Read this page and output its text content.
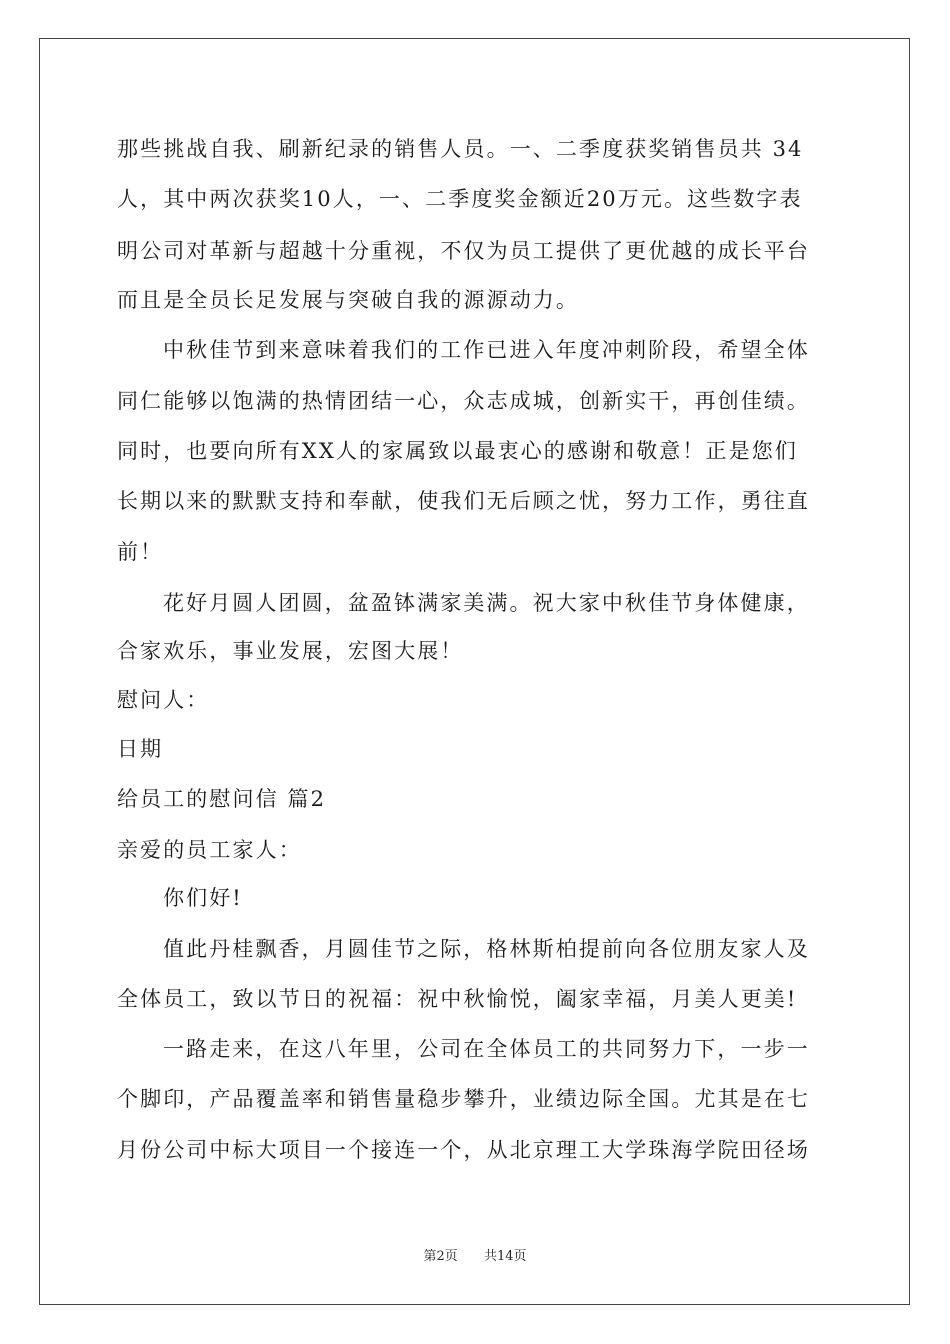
那些挑战自我、刷新纪录的销售人员。一、二季度获奖销售员共 34
人，其中两次获奖10人，一、二季度奖金额近20万元。这些数字表
明公司对革新与超越十分重视，不仅为员工提供了更优越的成长平台
而且是全员长足发展与突破自我的源源动力。
中秋佳节到来意味着我们的工作已进入年度冲刺阶段，希望全体
同仁能够以饱满的热情团结一心，众志成城，创新实干，再创佳绩。
同时，也要向所有XX人的家属致以最衷心的感谢和敬意！正是您们
长期以来的默默支持和奉献，使我们无后顾之忧，努力工作，勇往直
前！
花好月圆人团圆，盆盈钵满家美满。祝大家中秋佳节身体健康，
合家欢乐，事业发展，宏图大展！
慰问人：
日期
给员工的慰问信 篇2
亲爱的员工家人：
你们好!
值此丹桂飘香，月圆佳节之际，格林斯柏提前向各位朋友家人及
全体员工，致以节日的祝福：祝中秋愉悦，阖家幸福，月美人更美!
一路走来，在这八年里，公司在全体员工的共同努力下，一步一
个脚印，产品覆盖率和销售量稳步攀升，业绩边际全国。尤其是在七
月份公司中标大项目一个接连一个，从北京理工大学珠海学院田径场
第2页 共14页
